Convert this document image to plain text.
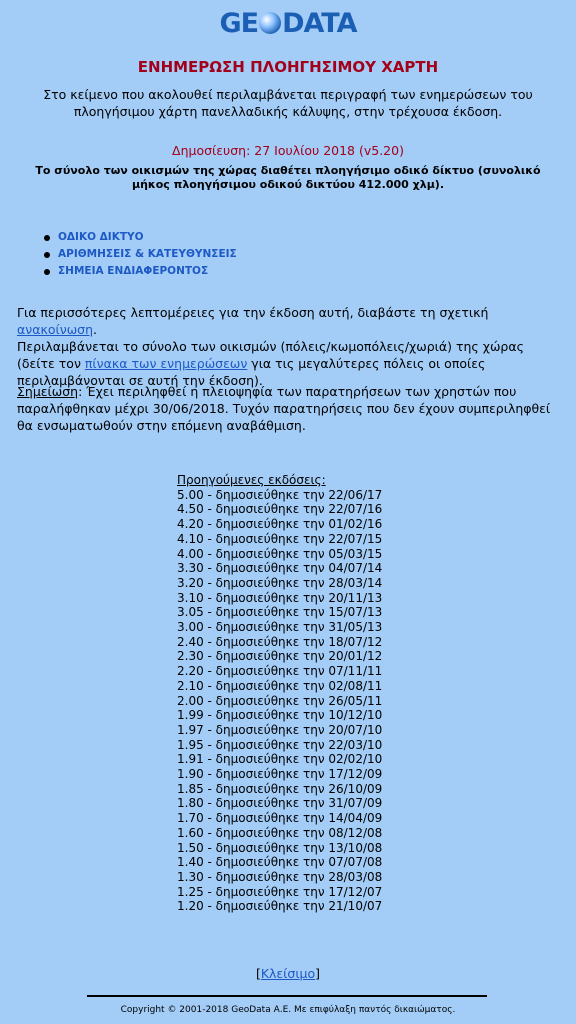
GE DATA
ΕΝΗΜΕΡΩΣΗ ΠΛΟΗΓΗΣΙΜΟΥ ΧΑΡΤΗ
Στο κείμενο που ακολουθεί περιλαμβάνεται περιγραφή των ενημερώσεων του πλοηγήσιμου χάρτη πανελλαδικής κάλυψης, στην τρέχουσα έκδοση.
Δημοσίευση: 27 Ιουλίου 2018 (v5.20)
Το σύνολο των οικισμών της χώρας διαθέτει πλοηγήσιμο οδικό δίκτυο (συνολικό μήκος πλοηγήσιμου οδικού δικτύου 412.000 χλμ).
ΟΔΙΚΟ ΔΙΚΤΥΟ
ΑΡΙΘΜΗΣΕΙΣ & ΚΑΤΕΥΘΥΝΣΕΙΣ
ΣΗΜΕΙΑ ΕΝΔΙΑΦΕΡΟΝΤΟΣ
Για περισσότερες λεπτομέρειες για την έκδοση αυτή, διαβάστε τη σχετική ανακοίνωση.
Περιλαμβάνεται το σύνολο των οικισμών (πόλεις/κωμοπόλεις/χωριά) της χώρας (δείτε τον πίνακα των ενημερώσεων για τις μεγαλύτερες πόλεις οι οποίες περιλαμβάνονται σε αυτή την έκδοση).
Σημείωση: Έχει περιληφθεί η πλειοψηφία των παρατηρήσεων των χρηστών που παραλήφθηκαν μέχρι 30/06/2018. Τυχόν παρατηρήσεις που δεν έχουν συμπεριληφθεί θα ενσωματωθούν στην επόμενη αναβάθμιση.
Προηγούμενες εκδόσεις:
5.00 - δημοσιεύθηκε την 22/06/17
4.50 - δημοσιεύθηκε την 22/07/16
4.20 - δημοσιεύθηκε την 01/02/16
4.10 - δημοσιεύθηκε την 22/07/15
4.00 - δημοσιεύθηκε την 05/03/15
3.30 - δημοσιεύθηκε την 04/07/14
3.20 - δημοσιεύθηκε την 28/03/14
3.10 - δημοσιεύθηκε την 20/11/13
3.05 - δημοσιεύθηκε την 15/07/13
3.00 - δημοσιεύθηκε την 31/05/13
2.40 - δημοσιεύθηκε την 18/07/12
2.30 - δημοσιεύθηκε την 20/01/12
2.20 - δημοσιεύθηκε την 07/11/11
2.10 - δημοσιεύθηκε την 02/08/11
2.00 - δημοσιεύθηκε την 26/05/11
1.99 - δημοσιεύθηκε την 10/12/10
1.97 - δημοσιεύθηκε την 20/07/10
1.95 - δημοσιεύθηκε την 22/03/10
1.91 - δημοσιεύθηκε την 02/02/10
1.90 - δημοσιεύθηκε την 17/12/09
1.85 - δημοσιεύθηκε την 26/10/09
1.80 - δημοσιεύθηκε την 31/07/09
1.70 - δημοσιεύθηκε την 14/04/09
1.60 - δημοσιεύθηκε την 08/12/08
1.50 - δημοσιεύθηκε την 13/10/08
1.40 - δημοσιεύθηκε την 07/07/08
1.30 - δημοσιεύθηκε την 28/03/08
1.25 - δημοσιεύθηκε την 17/12/07
1.20 - δημοσιεύθηκε την 21/10/07
[Κλείσιμο]
Copyright © 2001-2018 GeoData Α.Ε. Με επιφύλαξη παντός δικαιώματος.
